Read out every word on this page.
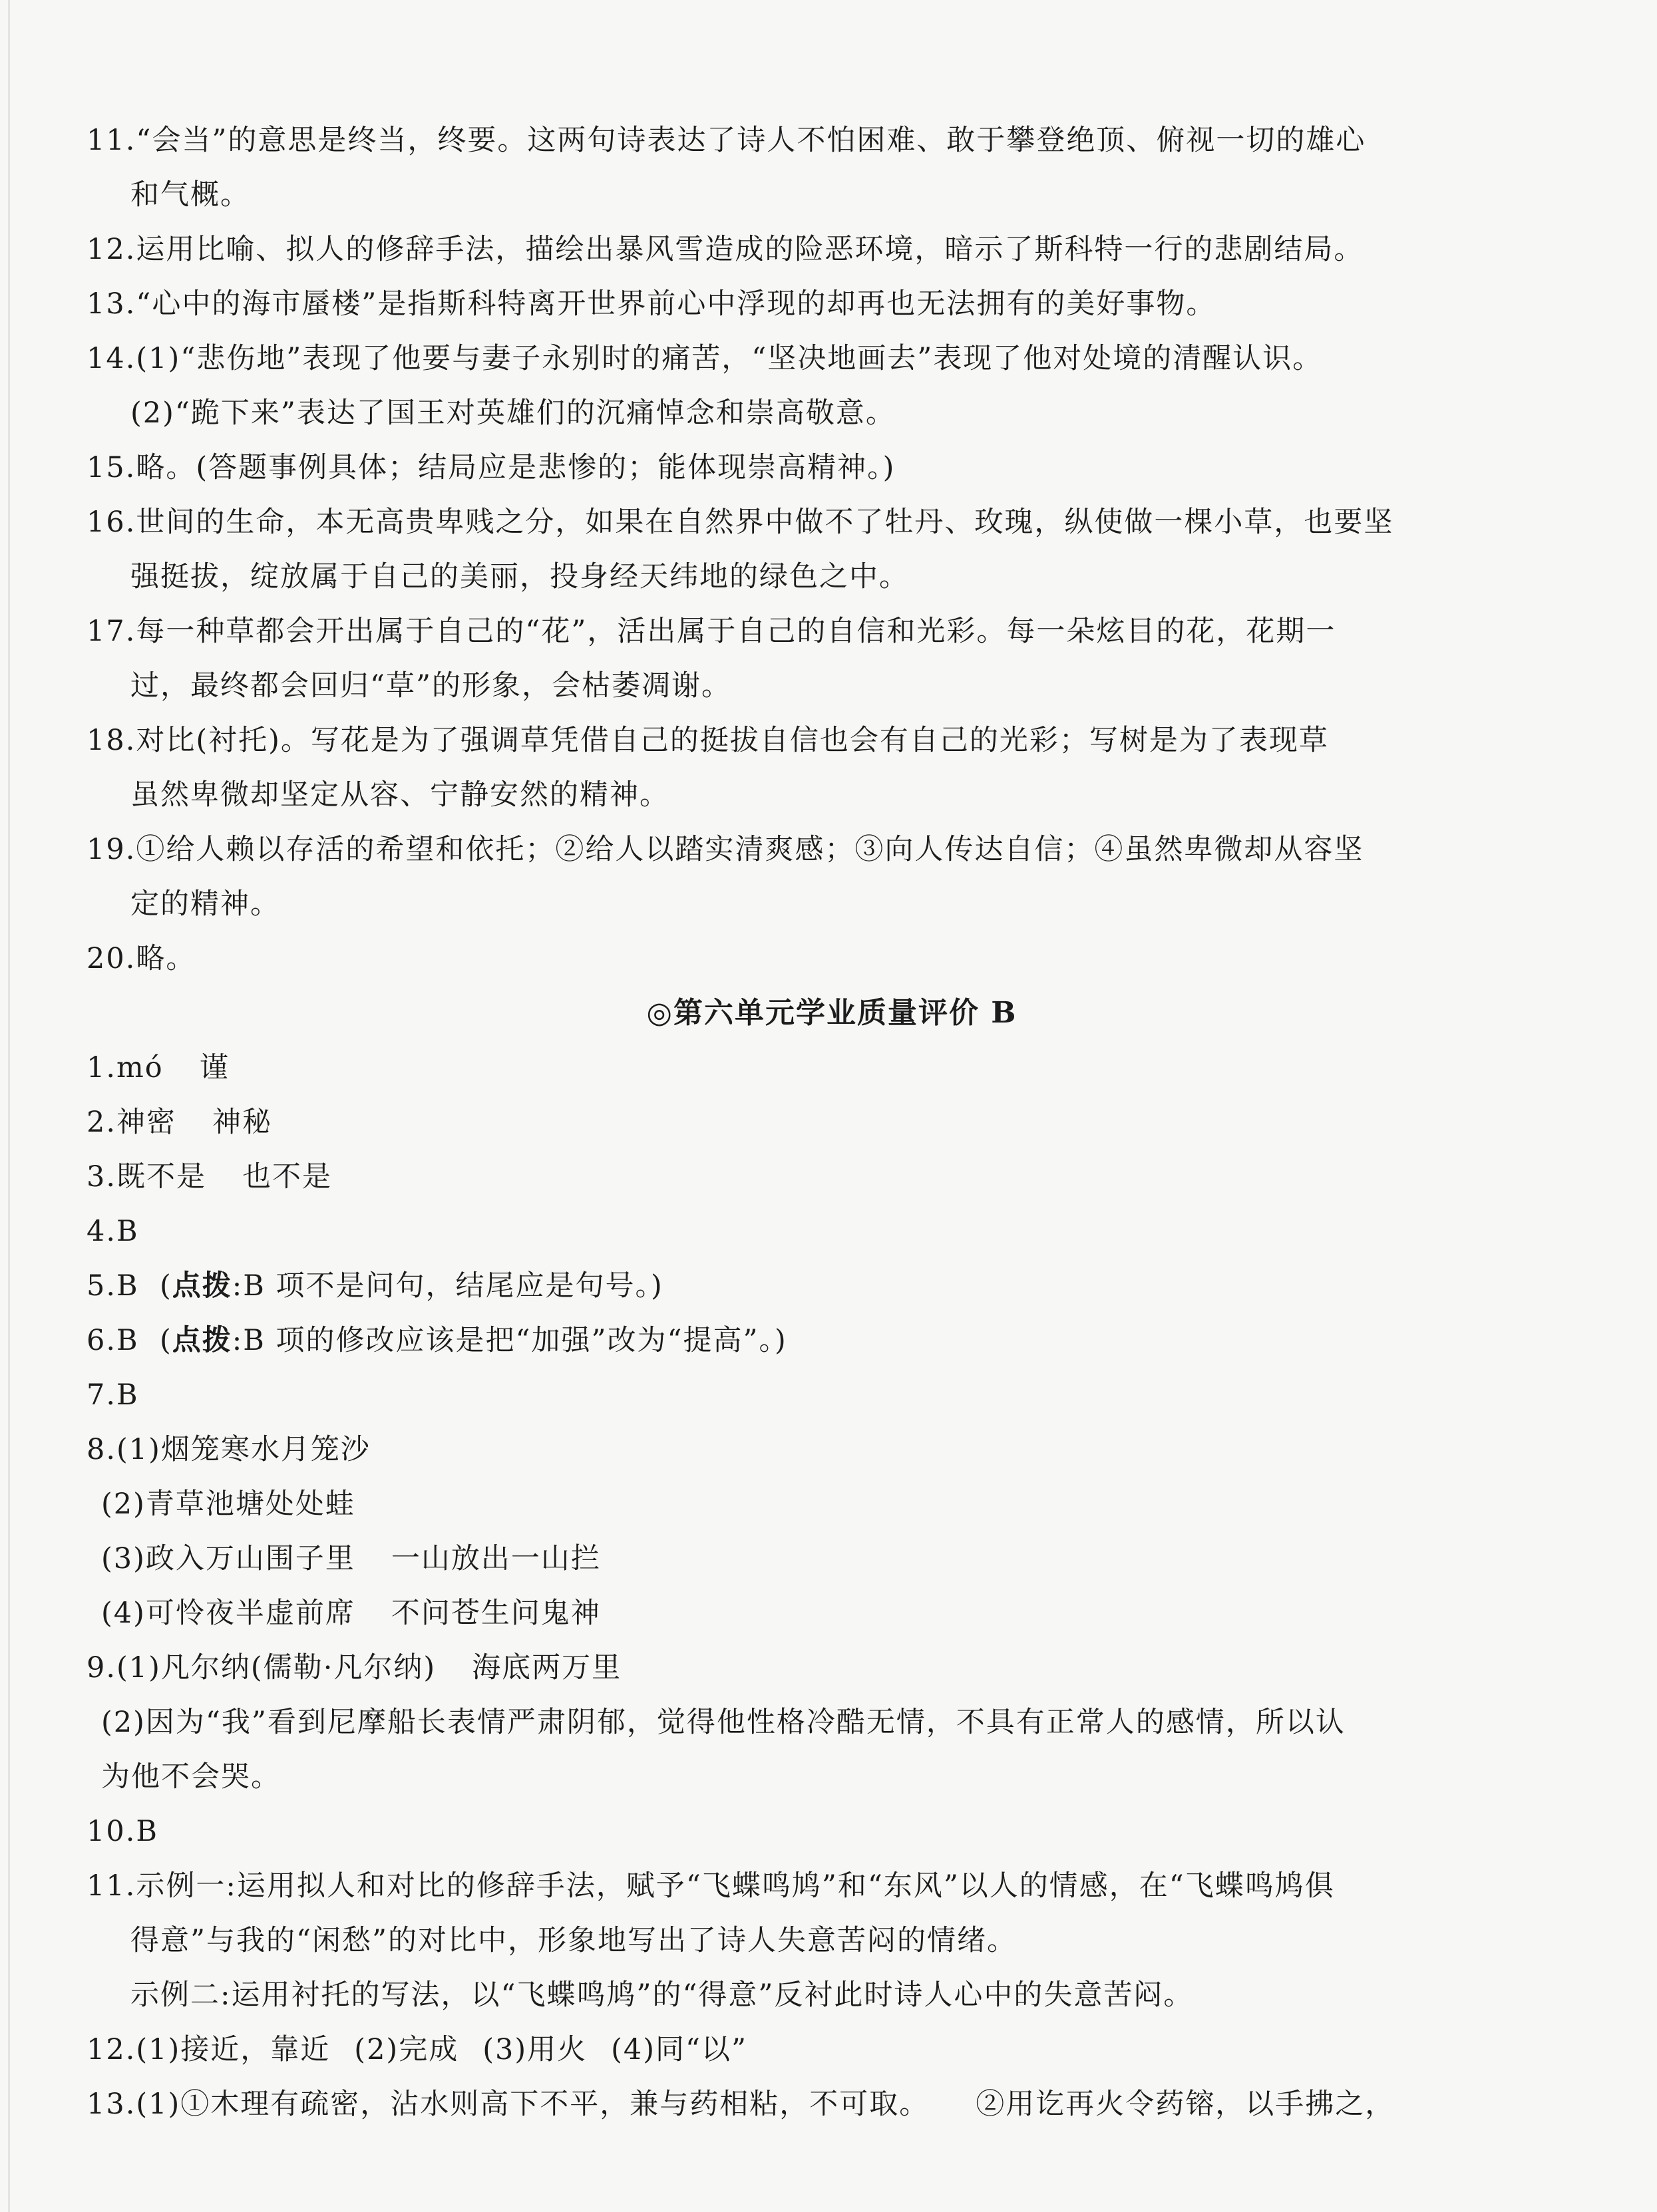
11.“会当”的意思是终当，终要。这两句诗表达了诗人不怕困难、敢于攀登绝顶、俯视一切的雄心
和气概。
12.运用比喻、拟人的修辞手法，描绘出暴风雪造成的险恶环境，暗示了斯科特一行的悲剧结局。
13.“心中的海市蜃楼”是指斯科特离开世界前心中浮现的却再也无法拥有的美好事物。
14.(1)“悲伤地”表现了他要与妻子永别时的痛苦，“坚决地画去”表现了他对处境的清醒认识。
(2)“跪下来”表达了国王对英雄们的沉痛悼念和崇高敬意。
15.略。(答题事例具体；结局应是悲惨的；能体现崇高精神。)
16.世间的生命，本无高贵卑贱之分，如果在自然界中做不了牡丹、玫瑰，纵使做一棵小草，也要坚
强挺拔，绽放属于自己的美丽，投身经天纬地的绿色之中。
17.每一种草都会开出属于自己的“花”，活出属于自己的自信和光彩。每一朵炫目的花，花期一
过，最终都会回归“草”的形象，会枯萎凋谢。
18.对比(衬托)。写花是为了强调草凭借自己的挺拔自信也会有自己的光彩；写树是为了表现草
虽然卑微却坚定从容、宁静安然的精神。
19.①给人赖以存活的希望和依托；②给人以踏实清爽感；③向人传达自信；④虽然卑微却从容坚
定的精神。
20.略。
◎第六单元学业质量评价 B
1.mó 谨
2.神密 神秘
3.既不是 也不是
4.B
5.B  (点拨:B 项不是问句，结尾应是句号。)
6.B  (点拨:B 项的修改应该是把“加强”改为“提高”。)
7.B
8.(1)烟笼寒水月笼沙
(2)青草池塘处处蛙
(3)政入万山围子里 一山放出一山拦
(4)可怜夜半虚前席 不问苍生问鬼神
9.(1)凡尔纳(儒勒·凡尔纳) 海底两万里
(2)因为“我”看到尼摩船长表情严肃阴郁，觉得他性格冷酷无情，不具有正常人的感情，所以认
为他不会哭。
10.B
11.示例一:运用拟人和对比的修辞手法，赋予“飞蝶鸣鸠”和“东风”以人的情感，在“飞蝶鸣鸠俱
得意”与我的“闲愁”的对比中，形象地写出了诗人失意苦闷的情绪。
示例二:运用衬托的写法，以“飞蝶鸣鸠”的“得意”反衬此时诗人心中的失意苦闷。
12.(1)接近，靠近 (2)完成 (3)用火 (4)同“以”
13.(1)①木理有疏密，沾水则高下不平，兼与药相粘，不可取。 ②用讫再火令药镕，以手拂之，
